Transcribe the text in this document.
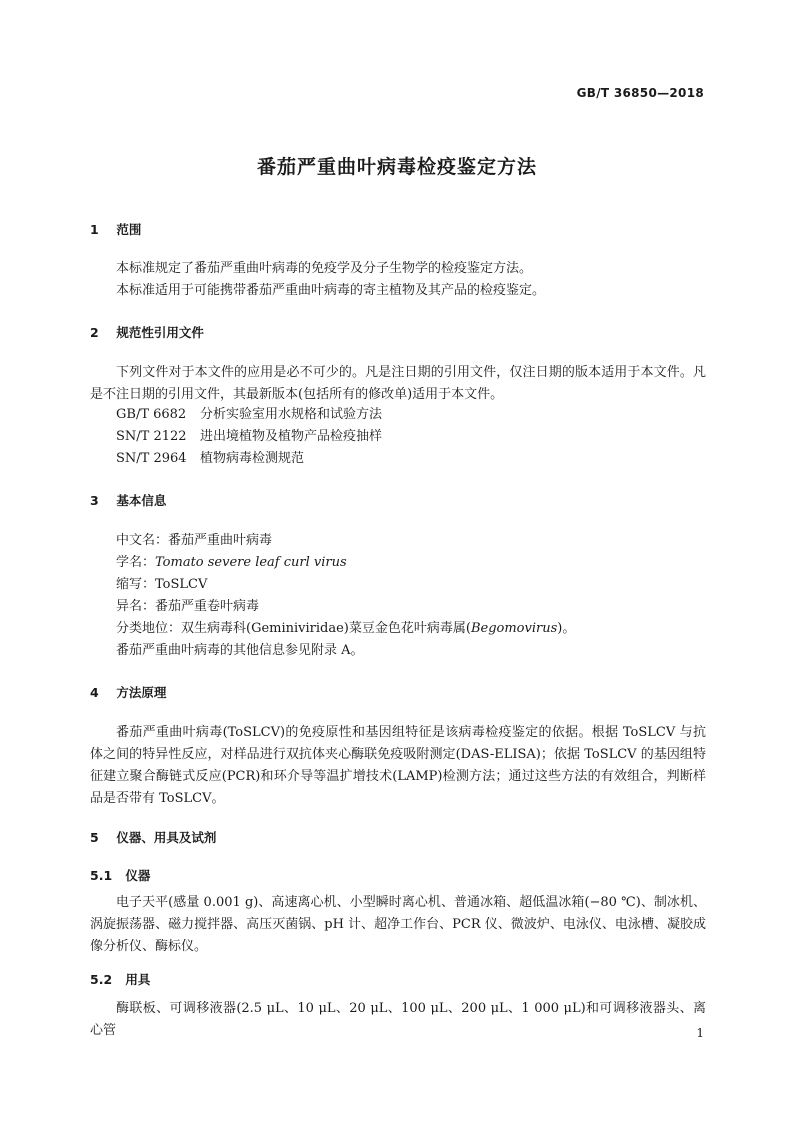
GB/T 36850—2018
番茄严重曲叶病毒检疫鉴定方法
1 范围
本标准规定了番茄严重曲叶病毒的免疫学及分子生物学的检疫鉴定方法。
本标准适用于可能携带番茄严重曲叶病毒的寄主植物及其产品的检疫鉴定。
2 规范性引用文件
下列文件对于本文件的应用是必不可少的。凡是注日期的引用文件，仅注日期的版本适用于本文件。凡是不注日期的引用文件，其最新版本(包括所有的修改单)适用于本文件。
GB/T 6682 分析实验室用水规格和试验方法
SN/T 2122 进出境植物及植物产品检疫抽样
SN/T 2964 植物病毒检测规范
3 基本信息
中文名：番茄严重曲叶病毒
学名：Tomato severe leaf curl virus
缩写：ToSLCV
异名：番茄严重卷叶病毒
分类地位：双生病毒科(Geminiviridae)菜豆金色花叶病毒属(Begomovirus)。
番茄严重曲叶病毒的其他信息参见附录 A。
4 方法原理
番茄严重曲叶病毒(ToSLCV)的免疫原性和基因组特征是该病毒检疫鉴定的依据。根据 ToSLCV 与抗体之间的特异性反应，对样品进行双抗体夹心酶联免疫吸附测定(DAS-ELISA)；依据 ToSLCV 的基因组特征建立聚合酶链式反应(PCR)和环介导等温扩增技术(LAMP)检测方法；通过这些方法的有效组合，判断样品是否带有 ToSLCV。
5 仪器、用具及试剂
5.1 仪器
电子天平(感量 0.001 g)、高速离心机、小型瞬时离心机、普通冰箱、超低温冰箱(−80 ℃)、制冰机、涡旋振荡器、磁力搅拌器、高压灭菌锅、pH 计、超净工作台、PCR 仪、微波炉、电泳仪、电泳槽、凝胶成像分析仪、酶标仪。
5.2 用具
酶联板、可调移液器(2.5 μL、10 μL、20 μL、100 μL、200 μL、1 000 μL)和可调移液器头、离心管	1
